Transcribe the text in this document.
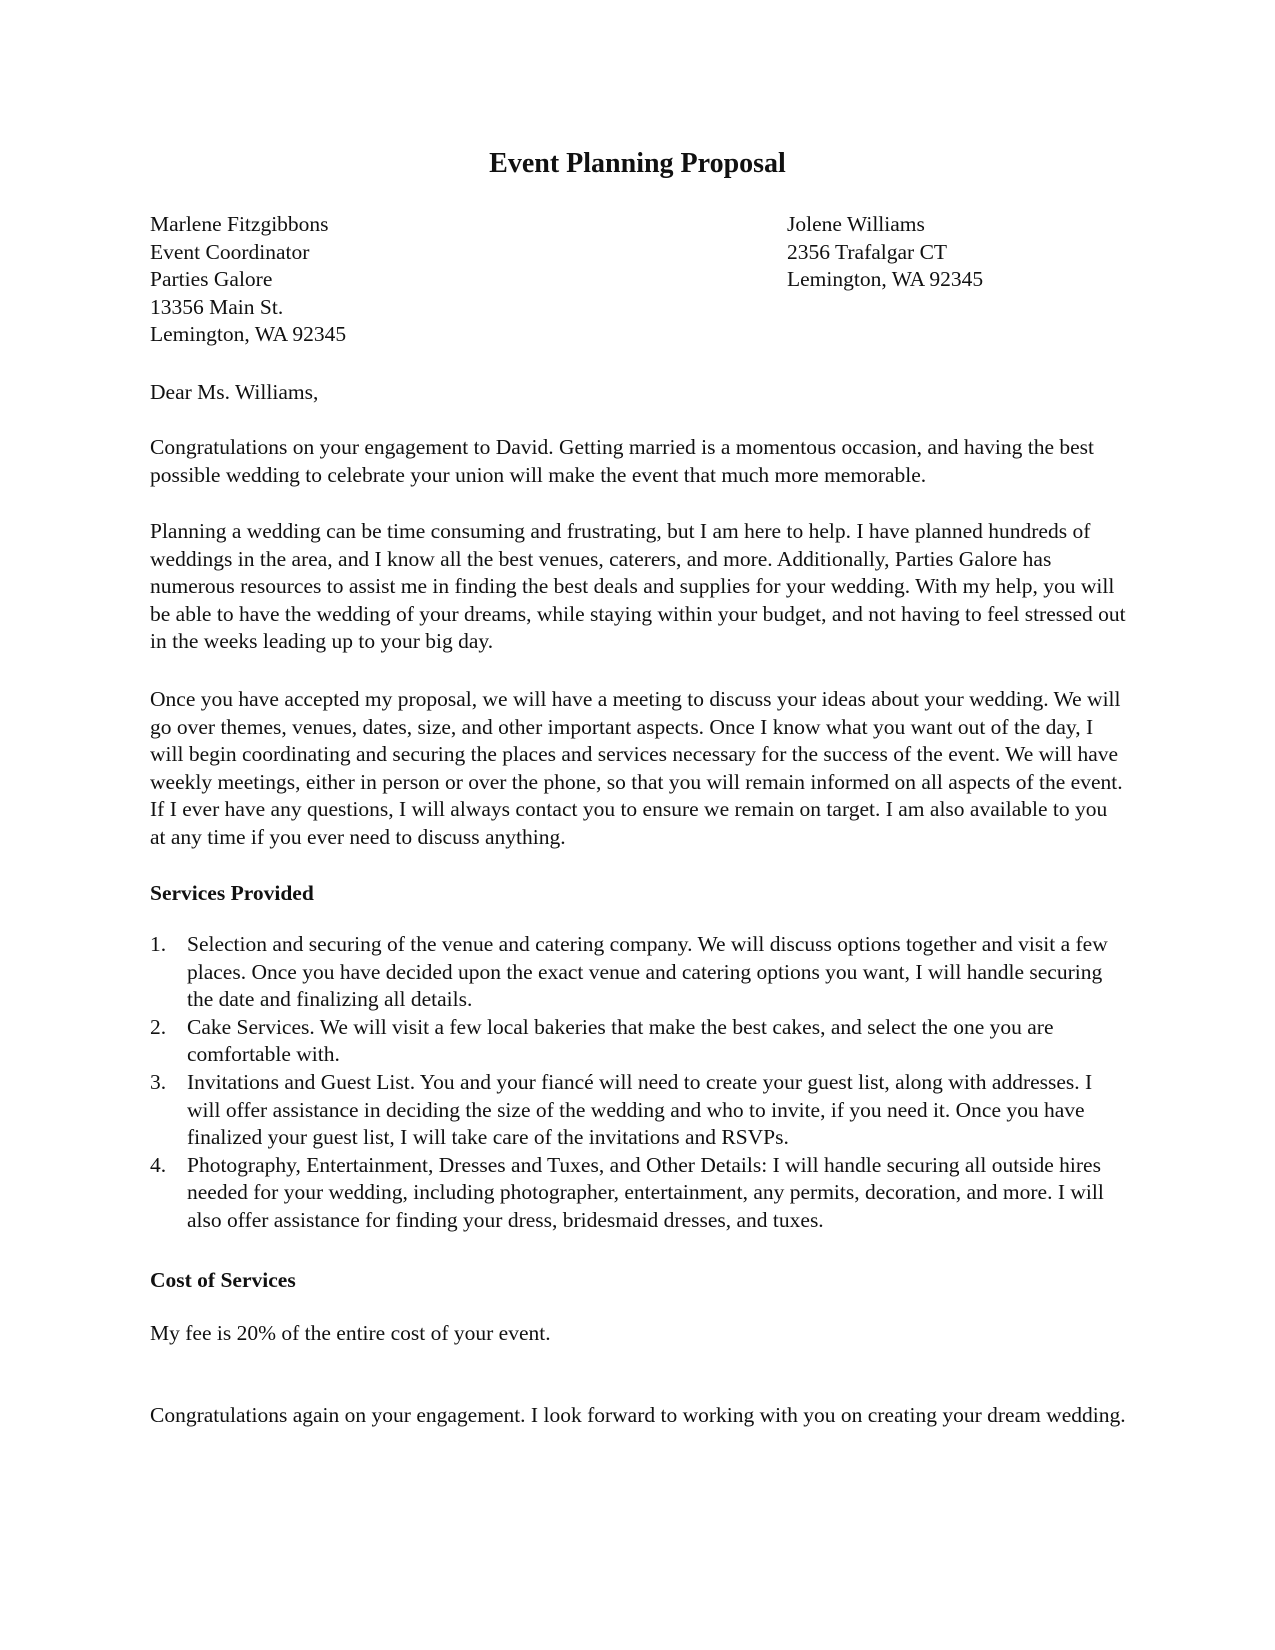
Event Planning Proposal
Marlene Fitzgibbons
Event Coordinator
Parties Galore
13356 Main St.
Lemington, WA 92345
Jolene Williams
2356 Trafalgar CT
Lemington, WA 92345

Dear Ms. Williams,

Congratulations on your engagement to David. Getting married is a momentous occasion, and having the best possible wedding to celebrate your union will make the event that much more memorable.

Planning a wedding can be time consuming and frustrating, but I am here to help. I have planned hundreds of weddings in the area, and I know all the best venues, caterers, and more. Additionally, Parties Galore has numerous resources to assist me in finding the best deals and supplies for your wedding. With my help, you will be able to have the wedding of your dreams, while staying within your budget, and not having to feel stressed out in the weeks leading up to your big day.

Once you have accepted my proposal, we will have a meeting to discuss your ideas about your wedding. We will go over themes, venues, dates, size, and other important aspects. Once I know what you want out of the day, I will begin coordinating and securing the places and services necessary for the success of the event. We will have weekly meetings, either in person or over the phone, so that you will remain informed on all aspects of the event. If I ever have any questions, I will always contact you to ensure we remain on target. I am also available to you at any time if you ever need to discuss anything.

Services Provided

1. Selection and securing of the venue and catering company. We will discuss options together and visit a few places. Once you have decided upon the exact venue and catering options you want, I will handle securing the date and finalizing all details.
2. Cake Services. We will visit a few local bakeries that make the best cakes, and select the one you are comfortable with.
3. Invitations and Guest List. You and your fiancé will need to create your guest list, along with addresses. I will offer assistance in deciding the size of the wedding and who to invite, if you need it. Once you have finalized your guest list, I will take care of the invitations and RSVPs.
4. Photography, Entertainment, Dresses and Tuxes, and Other Details: I will handle securing all outside hires needed for your wedding, including photographer, entertainment, any permits, decoration, and more. I will also offer assistance for finding your dress, bridesmaid dresses, and tuxes.

Cost of Services

My fee is 20% of the entire cost of your event.

Congratulations again on your engagement. I look forward to working with you on creating your dream wedding.
